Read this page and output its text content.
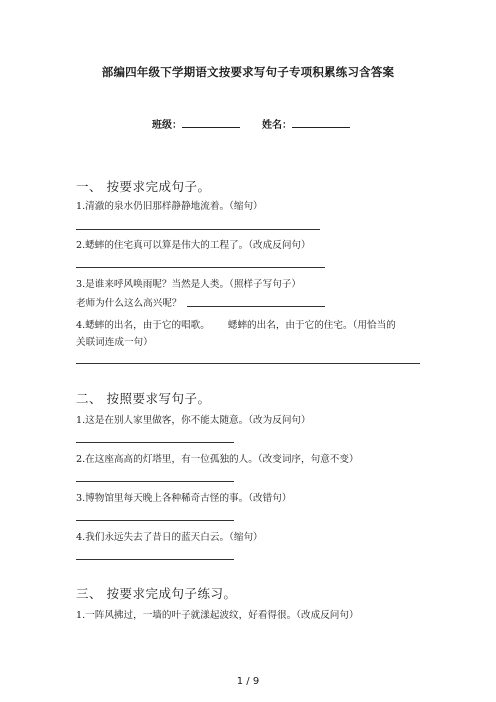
部编四年级下学期语文按要求写句子专项积累练习含答案
班级：	姓名：
一、 按要求完成句子。
1.清澈的泉水仍旧那样静静地流着。（缩句）
2.蟋蟀的住宅真可以算是伟大的工程了。（改成反问句）
3.是谁来呼风唤雨呢？当然是人类。（照样子写句子）
老师为什么这么高兴呢？
4.蟋蟀的出名，由于它的唱歌。 蟋蟀的出名，由于它的住宅。（用恰当的
关联词连成一句）
二、 按照要求写句子。
1.这是在别人家里做客，你不能太随意。（改为反问句）
2.在这座高高的灯塔里，有一位孤独的人。（改变词序，句意不变）
3.博物馆里每天晚上各种稀奇古怪的事。（改错句）
4.我们永远失去了昔日的蓝天白云。（缩句）
三、 按要求完成句子练习。
1.一阵风拂过，一墙的叶子就漾起波纹，好看得很。（改成反问句）
1 / 9
